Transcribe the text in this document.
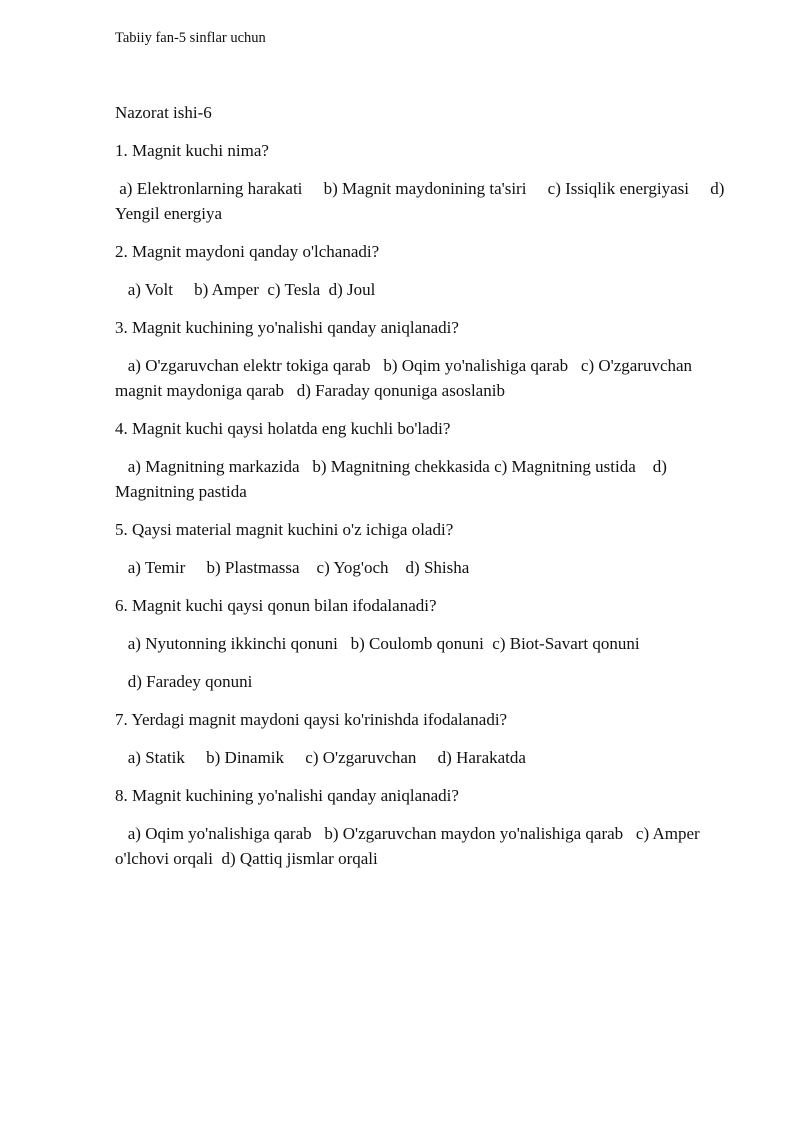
Tabiiy fan-5 sinflar uchun

Nazorat ishi-6

1. Magnit kuchi nima?

a) Elektronlarning harakati     b) Magnit maydonining ta'siri     c) Issiqlik energiyasi     d) Yengil energiya

2. Magnit maydoni qanday o'lchanadi?

a) Volt     b) Amper  c) Tesla  d) Joul

3. Magnit kuchining yo'nalishi qanday aniqlanadi?

a) O'zgaruvchan elektr tokiga qarab   b) Oqim yo'nalishiga qarab   c) O'zgaruvchan magnit maydoniga qarab   d) Faraday qonuniga asoslanib

4. Magnit kuchi qaysi holatda eng kuchli bo'ladi?

a) Magnitning markazida   b) Magnitning chekkasida c) Magnitning ustida    d) Magnitning pastida

5. Qaysi material magnit kuchini o'z ichiga oladi?

a) Temir     b) Plastmassa    c) Yog'och    d) Shisha

6. Magnit kuchi qaysi qonun bilan ifodalanadi?

a) Nyutonning ikkinchi qonuni   b) Coulomb qonuni  c) Biot-Savart qonuni

d) Faradey qonuni

7. Yerdagi magnit maydoni qaysi ko'rinishda ifodalanadi?

a) Statik     b) Dinamik     c) O'zgaruvchan     d) Harakatda

8. Magnit kuchining yo'nalishi qanday aniqlanadi?

a) Oqim yo'nalishiga qarab   b) O'zgaruvchan maydon yo'nalishiga qarab   c) Amper o'lchovi orqali  d) Qattiq jismlar orqali
